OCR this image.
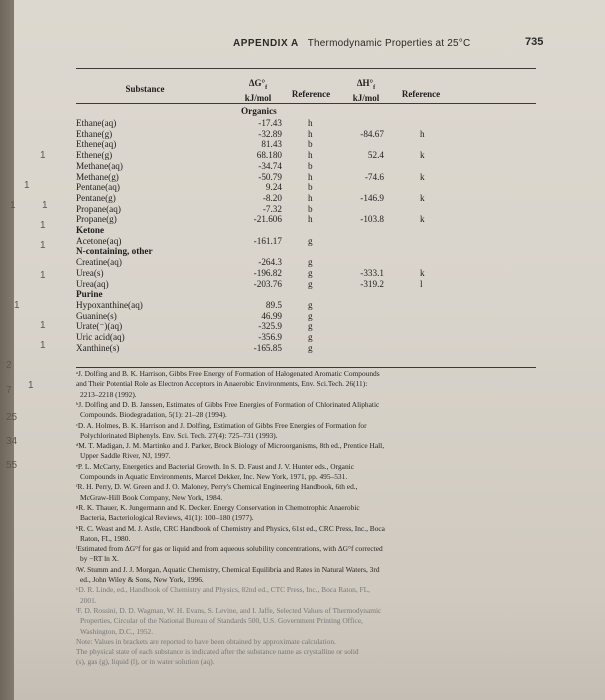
1
1
1	1
1
1
1
1
1
1
1
25
34
55
7
2
APPENDIX A Thermodynamic Properties at 25°C	735
Substance
$\Delta G^\circ_f$
kJ/mol	Reference
$\Delta H^\circ_f$
kJ/mol	Reference
Organics
Ethane(aq)	-17.43	h
Ethane(g)	-32.89	h	-84.67	h
Ethene(aq)	81.43	b
Ethene(g)	68.180	h	52.4	k
Methane(aq)	-34.74	b
Methane(g)	-50.79	h	-74.6	k
Pentane(aq)	9.24	b
Pentane(g)	-8.20	h	-146.9	k
Propane(aq)	-7.32	b
Propane(g)	-21.606	h	-103.8	k
Ketone
Acetone(aq)	-161.17	g
N-containing, other
Creatine(aq)	-264.3	g
Urea(s)	-196.82	g	-333.1	k
Urea(aq)	-203.76	g	-319.2	l
Purine
Hypoxanthine(aq)	89.5	g
Guanine(s)	46.99	g
Urate(⁻)(aq)	-325.9	g
Uric acid(aq)	-356.9	g
Xanthine(s)	-165.85	g
ᵃJ. Dolfing and B. K. Harrison, Gibbs Free Energy of Formation of Halogenated Aromatic Compounds
and Their Potential Role as Electron Acceptors in Anaerobic Environments, Env. Sci.Tech. 26(11):
2213–2218 (1992).
ᵇJ. Dolfing and D. B. Janssen, Estimates of Gibbs Free Energies of Formation of Chlorinated Aliphatic
Compounds. Biodegradation, 5(1): 21–28 (1994).
ᶜD. A. Holmes, B. K. Harrison and J. Dolfing, Estimation of Gibbs Free Energies of Formation for
Polychlorinated Biphenyls. Env. Sci. Tech. 27(4): 725–731 (1993).
ᵈM. T. Madigan, J. M. Martinko and J. Parker, Brock Biology of Microorganisms, 8th ed., Prentice Hall,
Upper Saddle River, NJ, 1997.
ᵉP. L. McCarty, Energetics and Bacterial Growth. In S. D. Faust and J. V. Hunter eds., Organic
Compounds in Aquatic Environments, Marcel Dekker, Inc. New York, 1971, pp. 495–531.
ᶠR. H. Perry, D. W. Green and J. O. Maloney, Perry's Chemical Engineering Handbook, 6th ed.,
McGraw-Hill Book Company, New York, 1984.
ᵍR. K. Thauer, K. Jungermann and K. Decker. Energy Conservation in Chemotrophic Anaerobic
Bacteria, Bacteriological Reviews, 41(1): 100–180 (1977).
ʰR. C. Weast and M. J. Astle, CRC Handbook of Chemistry and Physics, 61st ed., CRC Press, Inc., Boca
Raton, FL, 1980.
ⁱEstimated from ΔG°f for gas or liquid and from aqueous solubility concentrations, with ΔG°f corrected
by −RT ln X.
ʲW. Stumm and J. J. Morgan, Aquatic Chemistry, Chemical Equilibria and Rates in Natural Waters, 3rd
ed., John Wiley & Sons, New York, 1996.
ᵏD. R. Linde, ed., Handbook of Chemistry and Physics, 82nd ed., CTC Press, Inc., Boca Raton, FL,
2001.
ˡF. D. Rossini, D. D. Wagman, W. H. Evans, S. Levine, and I. Jaffe, Selected Values of Thermodynamic
Properties, Circular of the National Bureau of Standards 500, U.S. Government Printing Office,
Washington, D.C., 1952.
Note: Values in brackets are reported to have been obtained by approximate calculation.
The physical state of each substance is indicated after the substance name as crystalline or solid
(s), gas (g), liquid (l), or in water solution (aq).
